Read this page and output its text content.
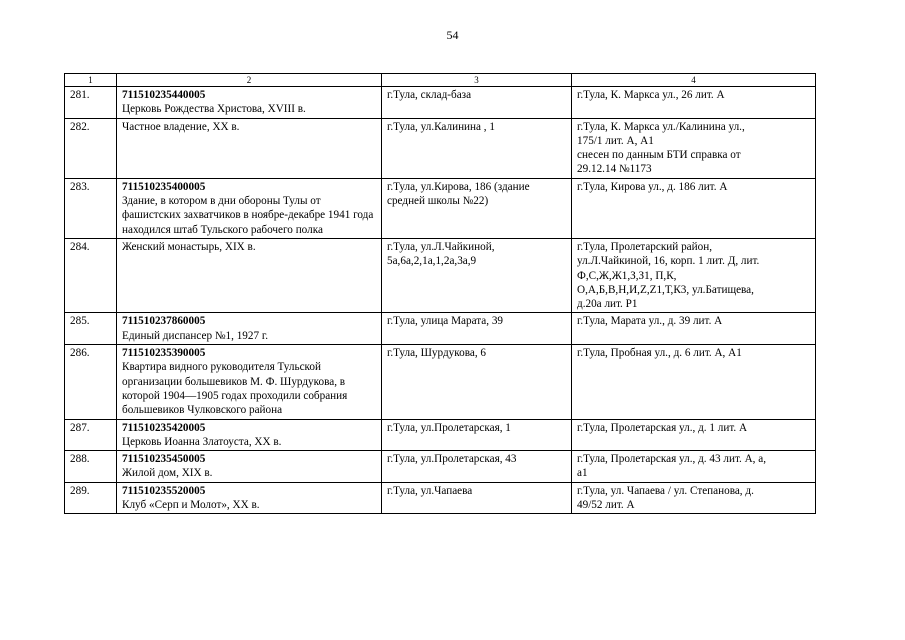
54
1	2	3	4

281.	711510235440005
Церковь Рождества Христова, XVIII в.	г.Тула, склад-база	г.Тула, К. Маркса ул., 26 лит. А

282.	Частное владение, XX в.	г.Тула, ул.Калинина , 1	г.Тула, К. Маркса ул./Калинина ул.,
175/1 лит. А, А1
снесен по данным БТИ справка от
29.12.14 №1173

283.	711510235400005
Здание, в котором в дни обороны Тулы от фашистских захватчиков в ноябре-декабре 1941 года находился штаб Тульского рабочего полка	г.Тула, ул.Кирова, 186 (здание средней школы №22)	г.Тула, Кирова ул., д. 186 лит. А

284.	Женский монастырь, XIX в.	г.Тула, ул.Л.Чайкиной, 5а,6а,2,1а,1,2а,3а,9	г.Тула, Пролетарский район,
ул.Л.Чайкиной, 16, корп. 1 лит. Д, лит.
Ф,С,Ж,Ж1,З,З1, П,К,
О,А,Б,В,Н,И,Z,Z1,Т,К3, ул.Батищева,
д.20а лит. Р1

285.	711510237860005
Единый диспансер №1, 1927 г.	г.Тула, улица Марата, 39	г.Тула, Марата ул., д. 39 лит. А

286.	711510235390005
Квартира видного руководителя Тульской организации большевиков М. Ф. Шурдукова, в которой 1904—1905 годах проходили собрания большевиков Чулковского района	г.Тула, Шурдукова, 6	г.Тула, Пробная ул., д. 6 лит. А, А1

287.	711510235420005
Церковь Иоанна Златоуста, XX в.	г.Тула, ул.Пролетарская, 1	г.Тула, Пролетарская ул., д. 1 лит. А

288.	711510235450005
Жилой дом, XIX в.	г.Тула, ул.Пролетарская, 43	г.Тула, Пролетарская ул., д. 43 лит. А, а,
а1

289.	711510235520005
Клуб «Серп и Молот», XX в.	г.Тула, ул.Чапаева	г.Тула, ул. Чапаева / ул. Степанова, д.
49/52 лит. А
